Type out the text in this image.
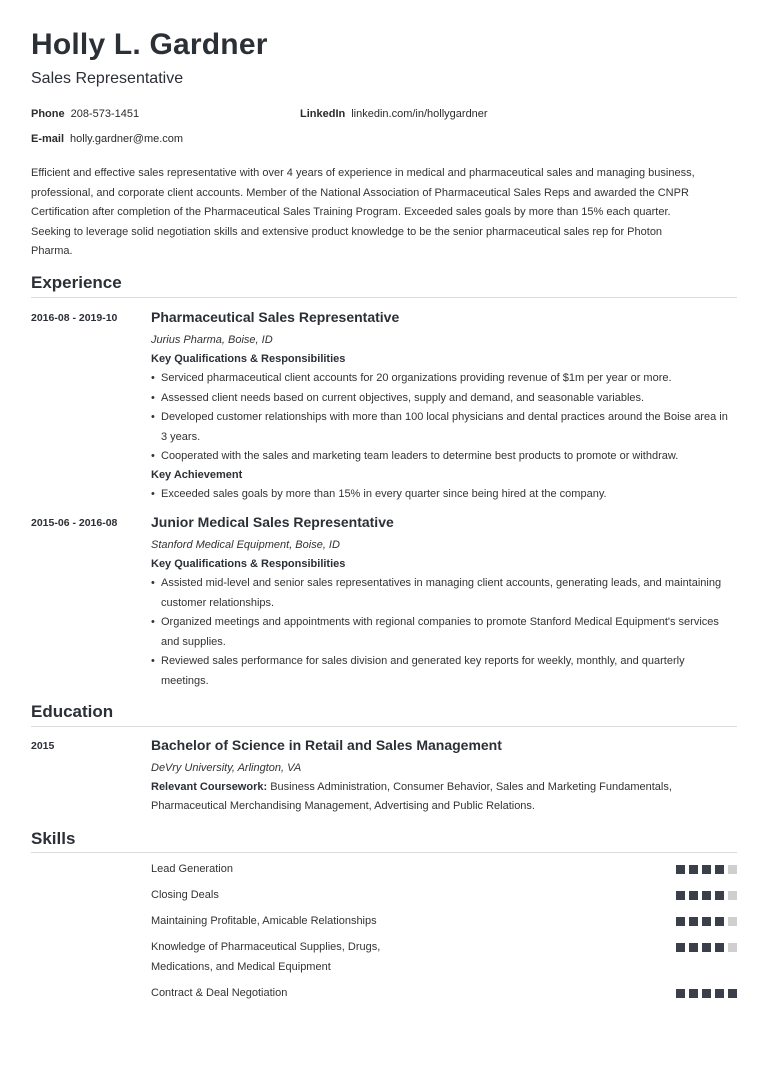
Holly L. Gardner
Sales Representative
Phone 208-573-1451	LinkedIn linkedin.com/in/hollygardner
E-mail holly.gardner@me.com
Efficient and effective sales representative with over 4 years of experience in medical and pharmaceutical sales and managing business,
professional, and corporate client accounts. Member of the National Association of Pharmaceutical Sales Reps and awarded the CNPR
Certification after completion of the Pharmaceutical Sales Training Program. Exceeded sales goals by more than 15% each quarter.
Seeking to leverage solid negotiation skills and extensive product knowledge to be the senior pharmaceutical sales rep for Photon
Pharma.
Experience
2016-08 - 2019-10 Pharmaceutical Sales Representative
Jurius Pharma, Boise, ID
Key Qualifications & Responsibilities
• Serviced pharmaceutical client accounts for 20 organizations providing revenue of $1m per year or more.
• Assessed client needs based on current objectives, supply and demand, and seasonable variables.
• Developed customer relationships with more than 100 local physicians and dental practices around the Boise area in 3 years.
• Cooperated with the sales and marketing team leaders to determine best products to promote or withdraw.
Key Achievement
• Exceeded sales goals by more than 15% in every quarter since being hired at the company.
2015-06 - 2016-08 Junior Medical Sales Representative
Stanford Medical Equipment, Boise, ID
Key Qualifications & Responsibilities
• Assisted mid-level and senior sales representatives in managing client accounts, generating leads, and maintaining customer relationships.
• Organized meetings and appointments with regional companies to promote Stanford Medical Equipment's services and supplies.
• Reviewed sales performance for sales division and generated key reports for weekly, monthly, and quarterly meetings.
Education
2015	Bachelor of Science in Retail and Sales Management
DeVry University, Arlington, VA
Relevant Coursework: Business Administration, Consumer Behavior, Sales and Marketing Fundamentals,
Pharmaceutical Merchandising Management, Advertising and Public Relations.
Skills
Lead Generation
Closing Deals
Maintaining Profitable, Amicable Relationships
Knowledge of Pharmaceutical Supplies, Drugs, Medications, and Medical Equipment
Contract & Deal Negotiation
